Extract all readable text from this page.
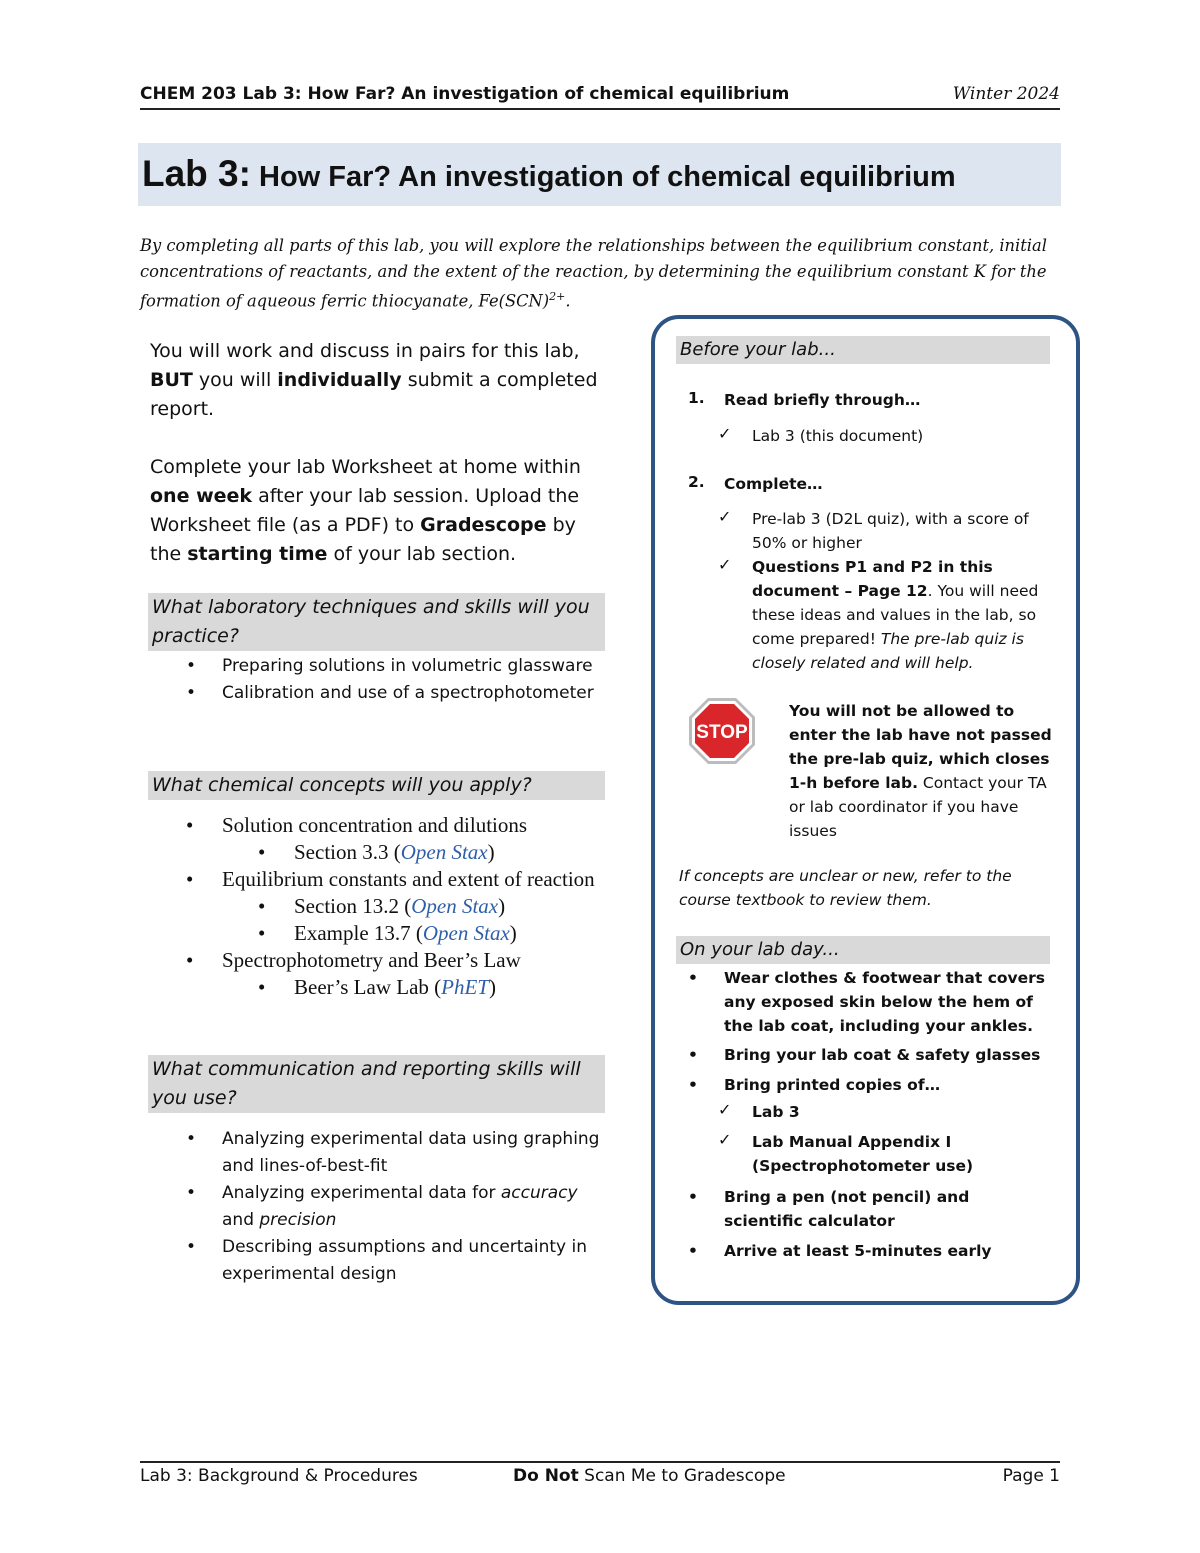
CHEM 203 Lab 3: How Far? An investigation of chemical equilibrium	Winter 2024
Lab 3: How Far? An investigation of chemical equilibrium
By completing all parts of this lab, you will explore the relationships between the equilibrium constant, initial concentrations of reactants, and the extent of the reaction, by determining the equilibrium constant K for the formation of aqueous ferric thiocyanate, Fe(SCN)$^{2+}$.

You will work and discuss in pairs for this lab, BUT you will individually submit a completed report.

Complete your lab Worksheet at home within one week after your lab session. Upload the Worksheet file (as a PDF) to Gradescope by the starting time of your lab section.

What laboratory techniques and skills will you practice?
• Preparing solutions in volumetric glassware
• Calibration and use of a spectrophotometer
What chemical concepts will you apply?
• Solution concentration and dilutions
• Section 3.3 (Open Stax)
• Equilibrium constants and extent of reaction
• Section 13.2 (Open Stax)
• Example 13.7 (Open Stax)
• Spectrophotometry and Beer’s Law
• Beer’s Law Lab (PhET)
What communication and reporting skills will you use?
• Analyzing experimental data using graphing and lines-of-best-fit
• Analyzing experimental data for accuracy and precision
• Describing assumptions and uncertainty in experimental design
Before your lab...
1. Read briefly through…
✓ Lab 3 (this document)
2. Complete…
✓ Pre-lab 3 (D2L quiz), with a score of 50% or higher
✓ Questions P1 and P2 in this document – Page 12. You will need these ideas and values in the lab, so come prepared! The pre-lab quiz is closely related and will help.
STOP
You will not be allowed to enter the lab have not passed the pre-lab quiz, which closes 1-h before lab. Contact your TA or lab coordinator if you have issues
If concepts are unclear or new, refer to the course textbook to review them.
On your lab day...
• Wear clothes & footwear that covers any exposed skin below the hem of the lab coat, including your ankles.
• Bring your lab coat & safety glasses
• Bring printed copies of…
✓ Lab 3
✓ Lab Manual Appendix I (Spectrophotometer use)
• Bring a pen (not pencil) and scientific calculator
• Arrive at least 5-minutes early
Lab 3: Background & Procedures	Do Not Scan Me to Gradescope	Page 1
